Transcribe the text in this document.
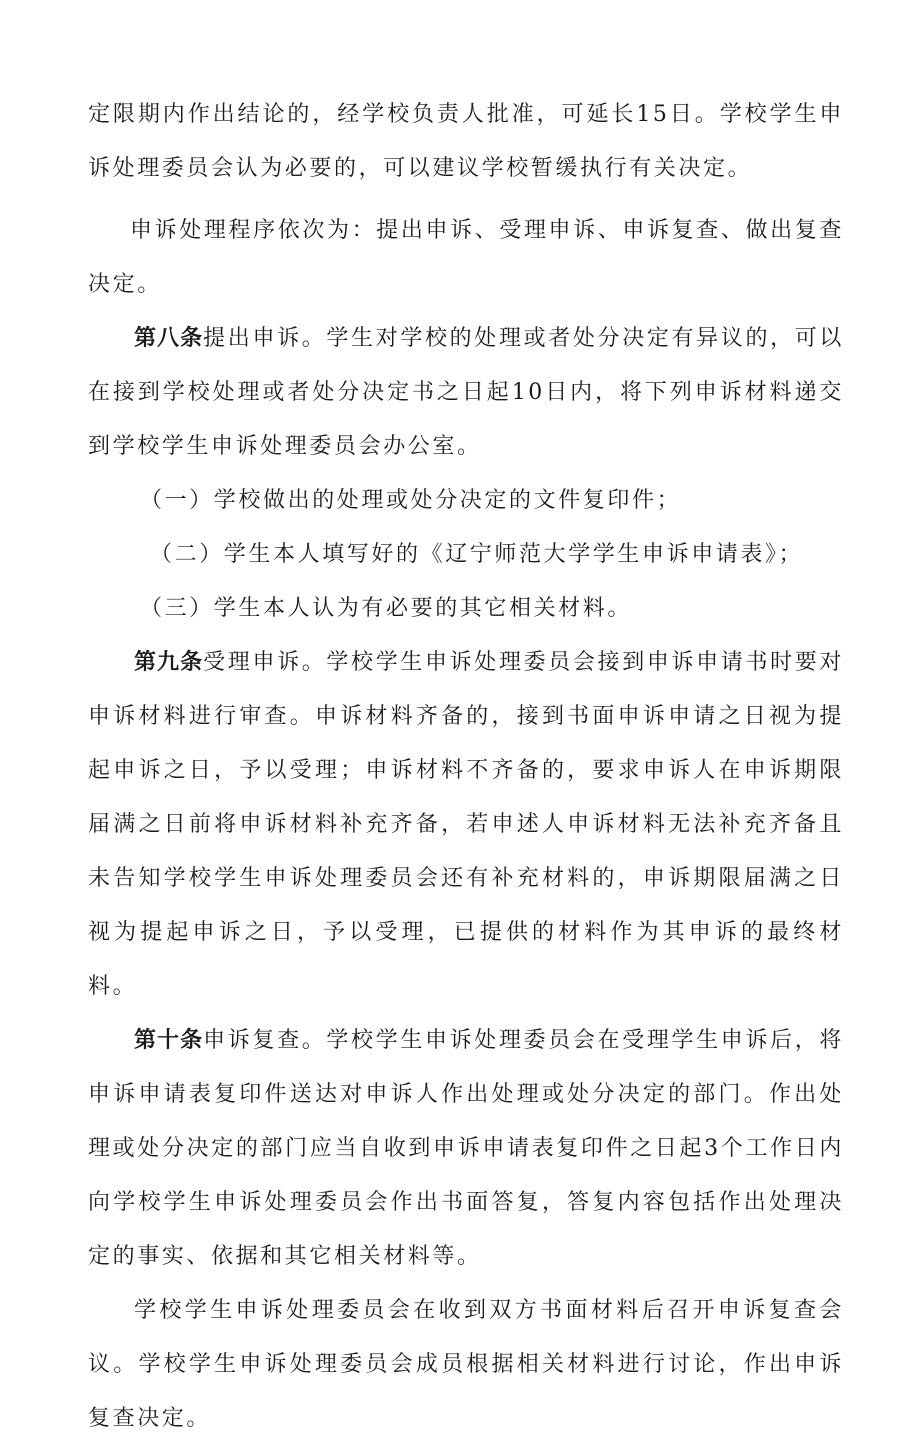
定限期内作出结论的，经学校负责人批准，可延长15日。学校学生申诉处理委员会认为必要的，可以建议学校暂缓执行有关决定。

申诉处理程序依次为：提出申诉、受理申诉、申诉复查、做出复查决定。

第八条提出申诉。学生对学校的处理或者处分决定有异议的，可以在接到学校处理或者处分决定书之日起10日内，将下列申诉材料递交到学校学生申诉处理委员会办公室。

（一）学校做出的处理或处分决定的文件复印件；

（二）学生本人填写好的《辽宁师范大学学生申诉申请表》；

（三）学生本人认为有必要的其它相关材料。

第九条受理申诉。学校学生申诉处理委员会接到申诉申请书时要对申诉材料进行审查。申诉材料齐备的，接到书面申诉申请之日视为提起申诉之日，予以受理；申诉材料不齐备的，要求申诉人在申诉期限届满之日前将申诉材料补充齐备，若申述人申诉材料无法补充齐备且未告知学校学生申诉处理委员会还有补充材料的，申诉期限届满之日视为提起申诉之日，予以受理，已提供的材料作为其申诉的最终材料。

第十条申诉复查。学校学生申诉处理委员会在受理学生申诉后，将申诉申请表复印件送达对申诉人作出处理或处分决定的部门。作出处理或处分决定的部门应当自收到申诉申请表复印件之日起3个工作日内向学校学生申诉处理委员会作出书面答复，答复内容包括作出处理决定的事实、依据和其它相关材料等。

学校学生申诉处理委员会在收到双方书面材料后召开申诉复查会议。学校学生申诉处理委员会成员根据相关材料进行讨论，作出申诉复查决定。
